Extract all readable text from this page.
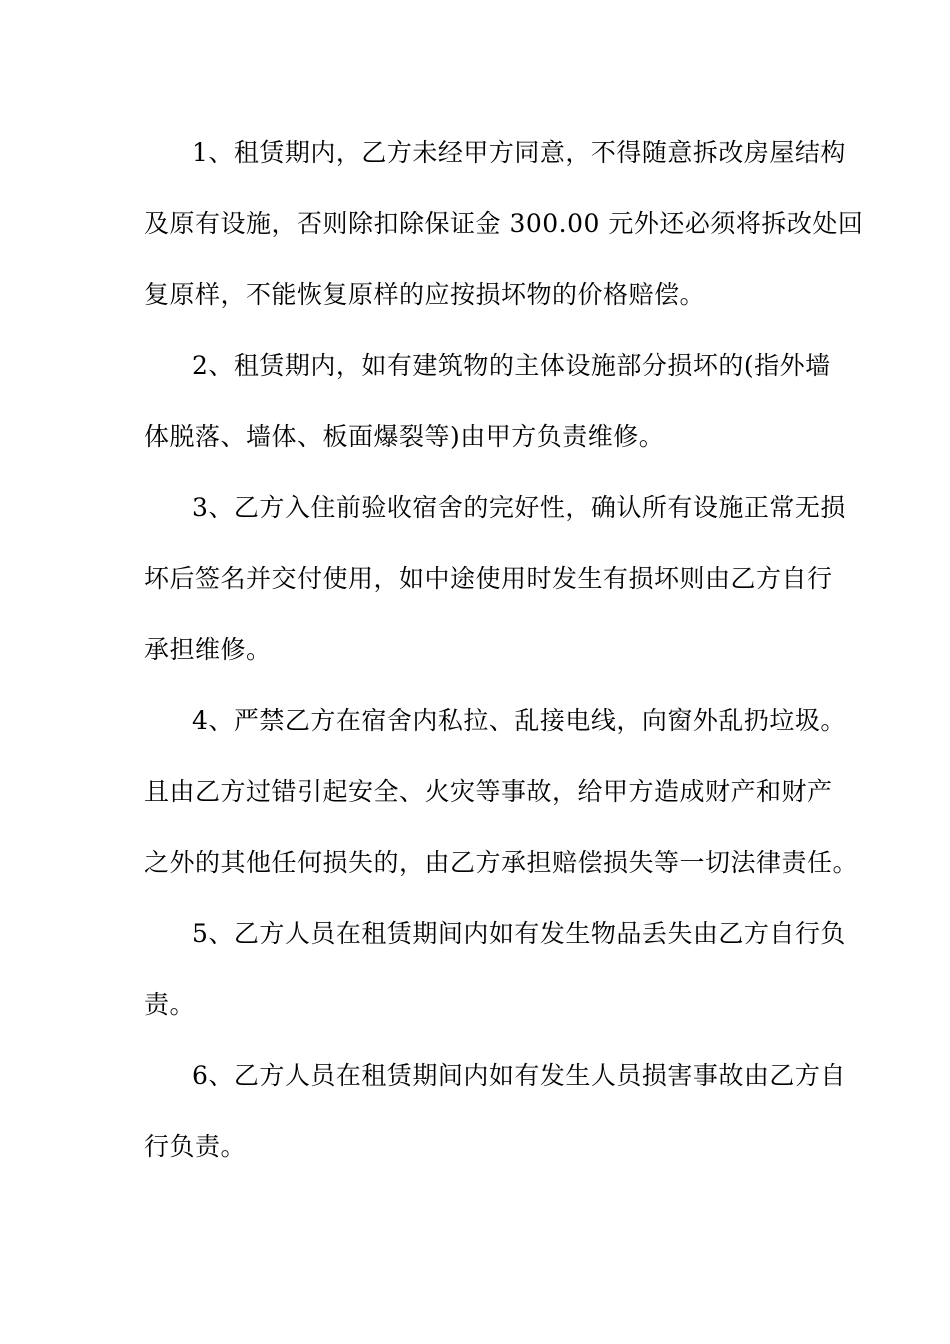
1、租赁期内，乙方未经甲方同意，不得随意拆改房屋结构
及原有设施，否则除扣除保证金 300.00 元外还必须将拆改处回
复原样，不能恢复原样的应按损坏物的价格赔偿。
2、租赁期内，如有建筑物的主体设施部分损坏的(指外墙
体脱落、墙体、板面爆裂等)由甲方负责维修。
3、乙方入住前验收宿舍的完好性，确认所有设施正常无损
坏后签名并交付使用，如中途使用时发生有损坏则由乙方自行
承担维修。
4、严禁乙方在宿舍内私拉、乱接电线，向窗外乱扔垃圾。
且由乙方过错引起安全、火灾等事故，给甲方造成财产和财产
之外的其他任何损失的，由乙方承担赔偿损失等一切法律责任。
5、乙方人员在租赁期间内如有发生物品丢失由乙方自行负
责。
6、乙方人员在租赁期间内如有发生人员损害事故由乙方自
行负责。
